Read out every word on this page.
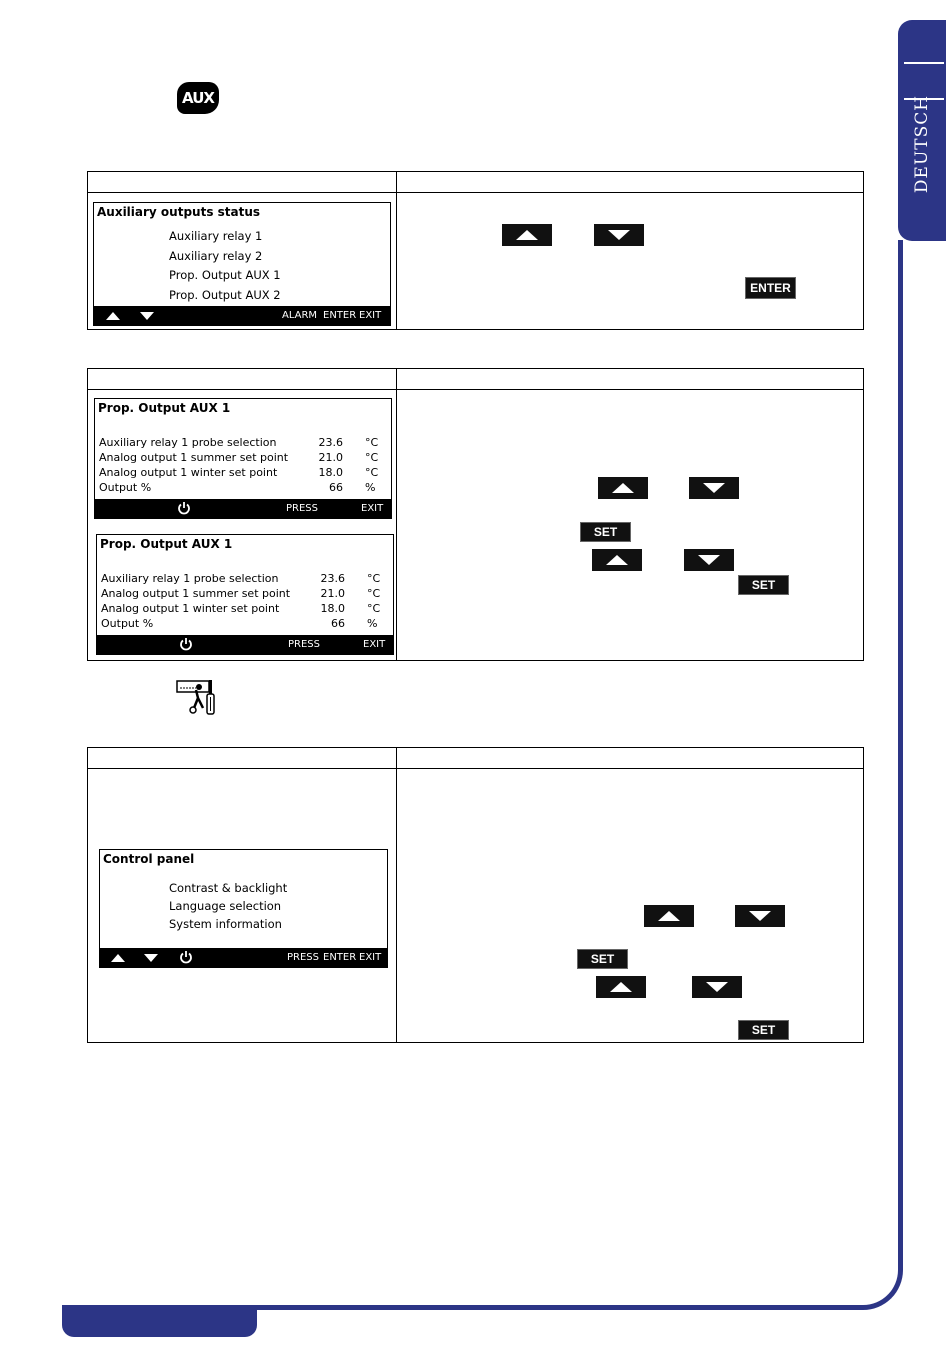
DEUTSCH
AUX
Auxiliary outputs status
Auxiliary relay 1
Auxiliary relay 2
Prop. Output AUX 1
Prop. Output AUX 2
ALARM ENTER EXIT
ENTER
Prop. Output AUX 1
Auxiliary relay 1 probe selection	23.6 °C
Analog output 1 summer set point	21.0 °C
Analog output 1 winter set point	18.0 °C
Output %	66 %
PRESS	EXIT
Prop. Output AUX 1
Auxiliary relay 1 probe selection	23.6 °C
Analog output 1 summer set point	21.0 °C
Analog output 1 winter set point	18.0 °C
Output %	66 %
PRESS	EXIT
SET
SET
Control panel
Contrast & backlight
Language selection
System information
PRESS ENTER EXIT	SET
SET
